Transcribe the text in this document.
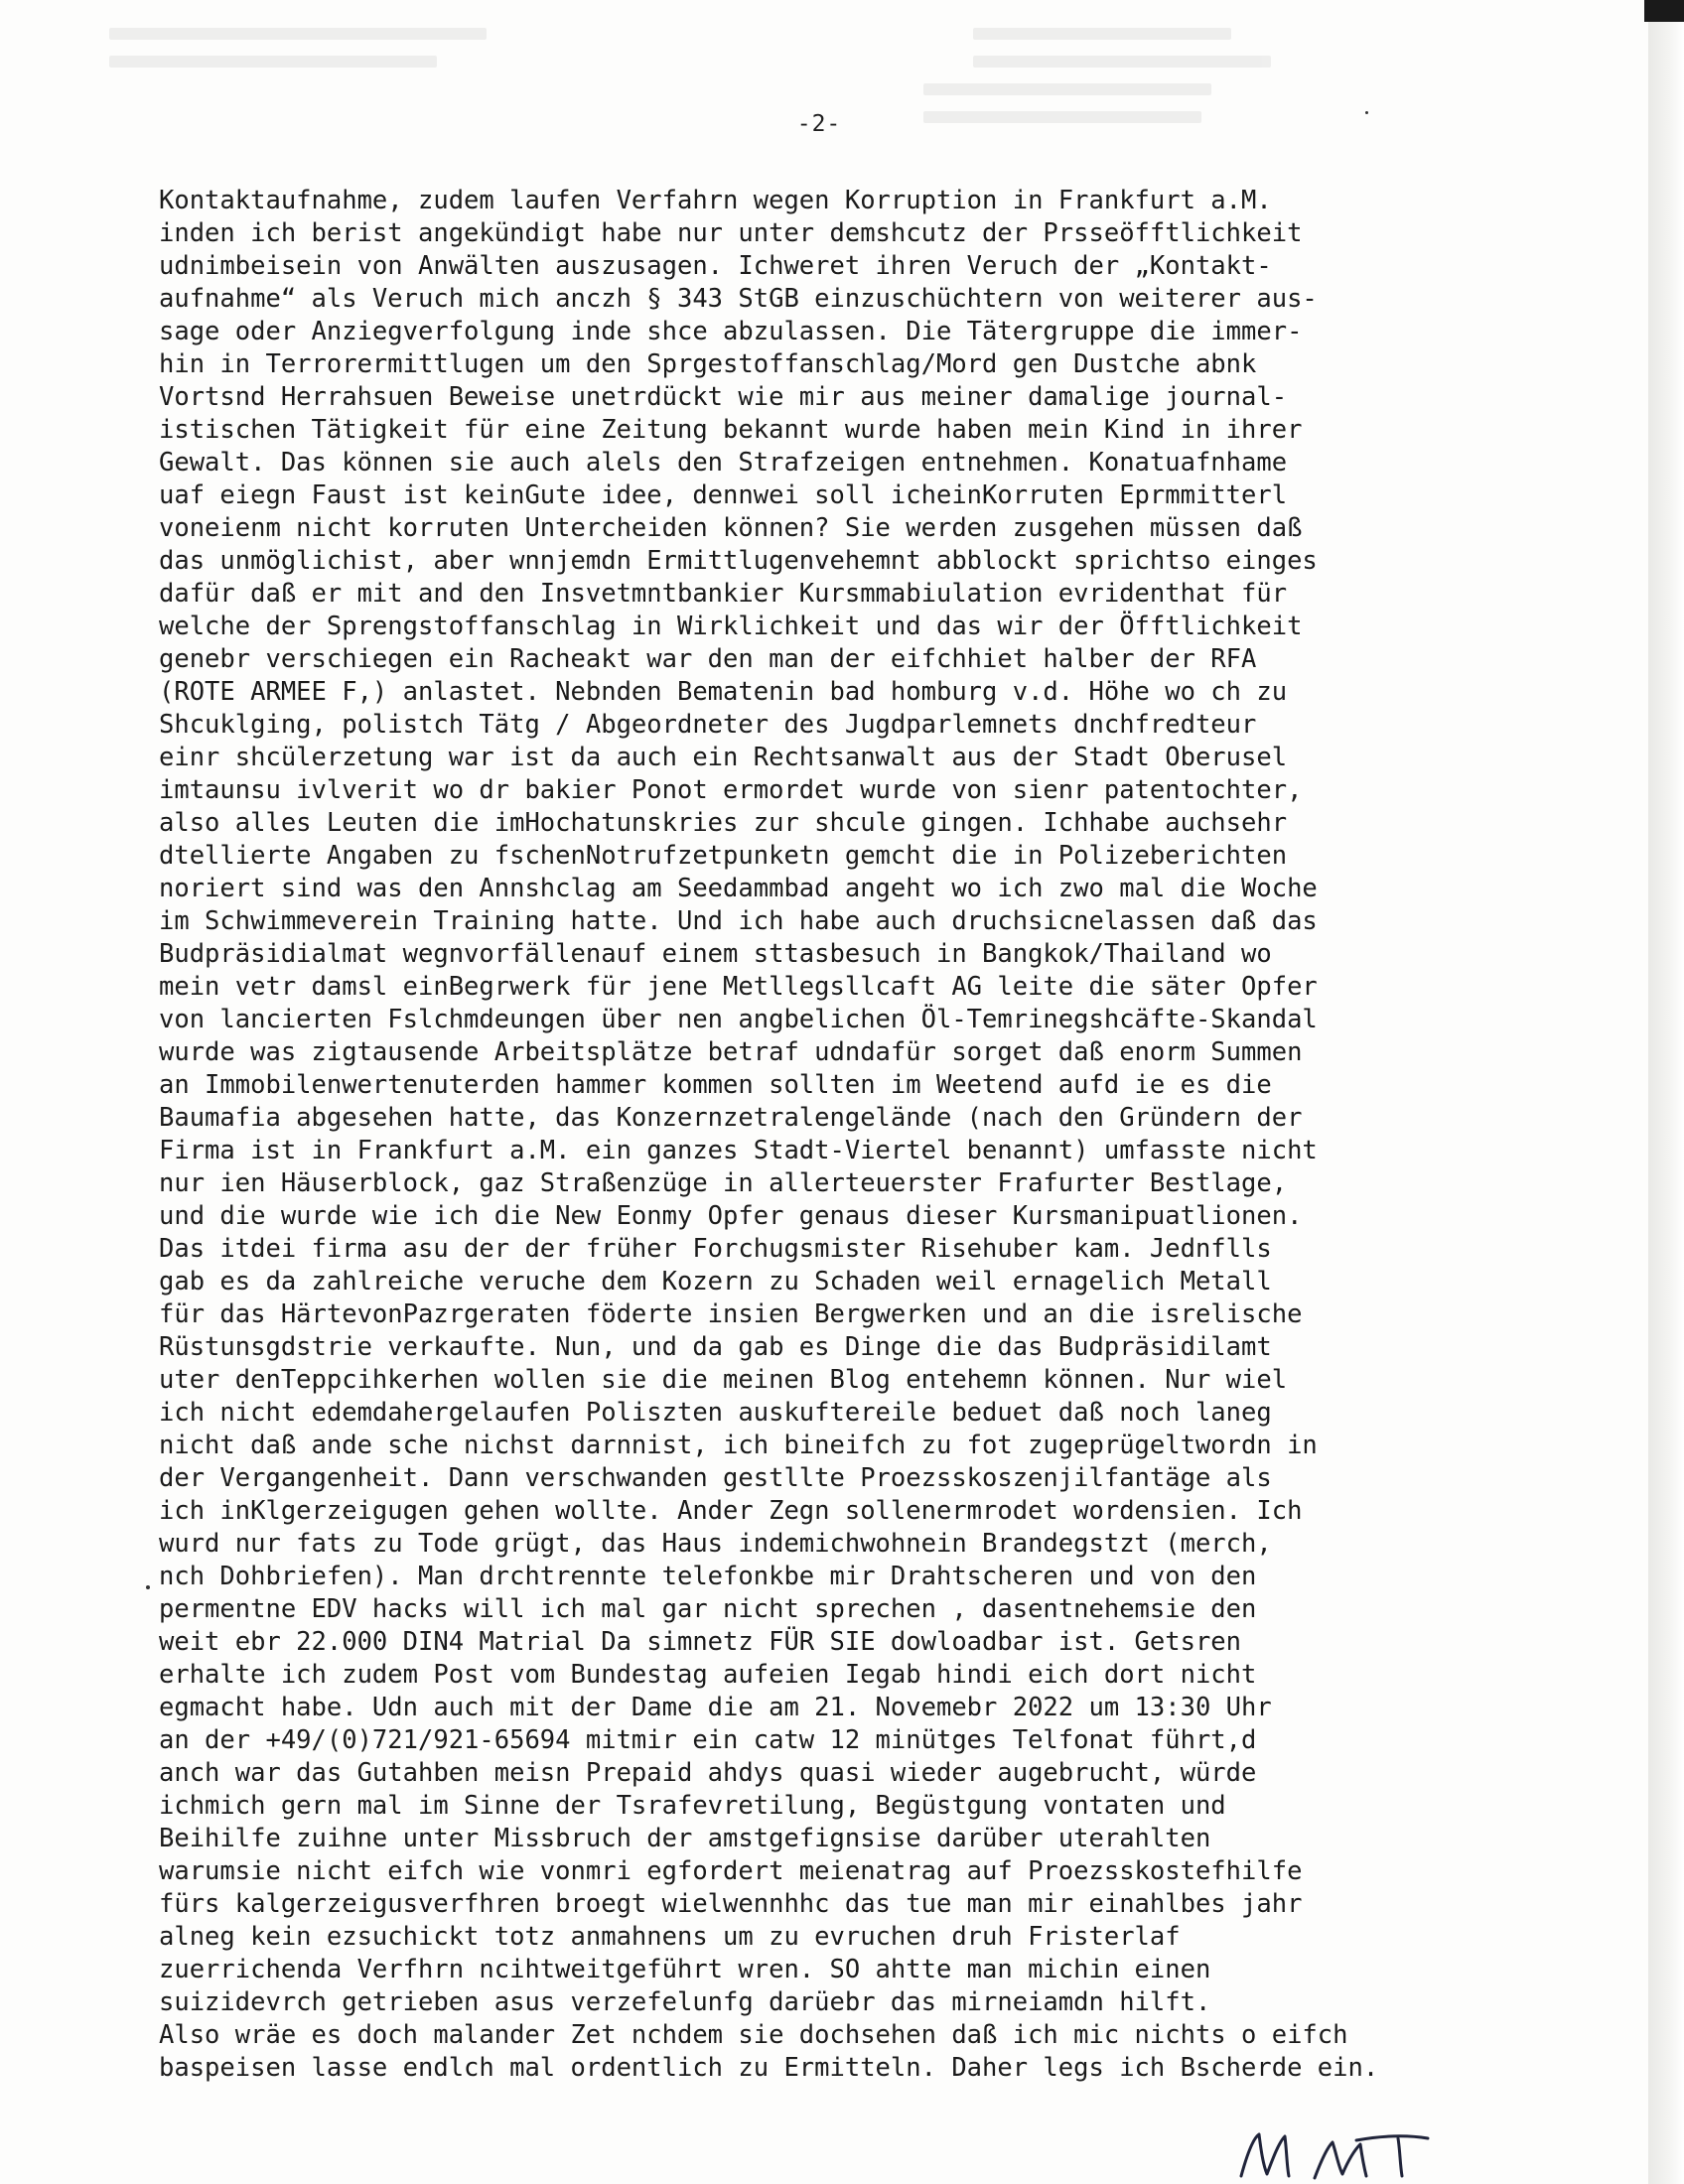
-2-
Kontaktaufnahme, zudem laufen Verfahrn wegen Korruption in Frankfurt a.M.
inden ich berist angekündigt habe nur unter demshcutz der Prsseöfftlichkeit
udnimbeisein von Anwälten auszusagen. Ichweret ihren Veruch der „Kontakt-
aufnahme“ als Veruch mich anczh § 343 StGB einzuschüchtern von weiterer aus-
sage oder Anziegverfolgung inde shce abzulassen. Die Tätergruppe die immer-
hin in Terrorermittlugen um den Sprgestoffanschlag/Mord gen Dustche abnk
Vortsnd Herrahsuen Beweise unetrdückt wie mir aus meiner damalige journal-
istischen Tätigkeit für eine Zeitung bekannt wurde haben mein Kind in ihrer
Gewalt. Das können sie auch alels den Strafzeigen entnehmen. Konatuafnhame
uaf eiegn Faust ist keinGute idee, dennwei soll icheinKorruten Eprmmitterl
voneienm nicht korruten Untercheiden können? Sie werden zusgehen müssen daß
das unmöglichist, aber wnnjemdn Ermittlugenvehemnt abblockt sprichtso einges
dafür daß er mit and den Insvetmntbankier Kursmmabiulation evridenthat für
welche der Sprengstoffanschlag in Wirklichkeit und das wir der Öfftlichkeit
genebr verschiegen ein Racheakt war den man der eifchhiet halber der RFA
(ROTE ARMEE F,) anlastet. Nebnden Bematenin bad homburg v.d. Höhe wo ch zu
Shcuklging, polistch Tätg / Abgeordneter des Jugdparlemnets dnchfredteur
einr shcülerzetung war ist da auch ein Rechtsanwalt aus der Stadt Oberusel
imtaunsu ivlverit wo dr bakier Ponot ermordet wurde von sienr patentochter,
also alles Leuten die imHochatunskries zur shcule gingen. Ichhabe auchsehr
dtellierte Angaben zu fschenNotrufzetpunketn gemcht die in Polizeberichten
noriert sind was den Annshclag am Seedammbad angeht wo ich zwo mal die Woche
im Schwimmeverein Training hatte. Und ich habe auch druchsicnelassen daß das
Budpräsidialmat wegnvorfällenauf einem sttasbesuch in Bangkok/Thailand wo
mein vetr damsl einBegrwerk für jene Metllegsllcaft AG leite die säter Opfer
von lancierten Fslchmdeungen über nen angbelichen Öl-Temrinegshcäfte-Skandal
wurde was zigtausende Arbeitsplätze betraf udndafür sorget daß enorm Summen
an Immobilenwertenuterden hammer kommen sollten im Weetend aufd ie es die
Baumafia abgesehen hatte, das Konzernzetralengelände (nach den Gründern der
Firma ist in Frankfurt a.M. ein ganzes Stadt-Viertel benannt) umfasste nicht
nur ien Häuserblock, gaz Straßenzüge in allerteuerster Frafurter Bestlage,
und die wurde wie ich die New Eonmy Opfer genaus dieser Kursmanipuatlionen.
Das itdei firma asu der der früher Forchugsmister Risehuber kam. Jednflls
gab es da zahlreiche veruche dem Kozern zu Schaden weil ernagelich Metall
für das HärtevonPazrgeraten föderte insien Bergwerken und an die isrelische
Rüstunsgdstrie verkaufte. Nun, und da gab es Dinge die das Budpräsidilamt
uter denTeppcihkerhen wollen sie die meinen Blog entehemn können. Nur wiel
ich nicht edemdahergelaufen Poliszten auskuftereile beduet daß noch laneg
nicht daß ande sche nichst darnnist, ich bineifch zu fot zugeprügeltwordn in
der Vergangenheit. Dann verschwanden gestllte Proezsskoszenjilfantäge als
ich inKlgerzeigugen gehen wollte. Ander Zegn sollenermrodet wordensien. Ich
wurd nur fats zu Tode grügt, das Haus indemichwohnein Brandegstzt (merch,
nch Dohbriefen). Man drchtrennte telefonkbe mir Drahtscheren und von den
permentne EDV hacks will ich mal gar nicht sprechen , dasentnehemsie den
weit ebr 22.000 DIN4 Matrial Da simnetz FÜR SIE dowloadbar ist. Getsren
erhalte ich zudem Post vom Bundestag aufeien Iegab hindi eich dort nicht
egmacht habe. Udn auch mit der Dame die am 21. Novemebr 2022 um 13:30 Uhr
an der +49/(0)721/921-65694 mitmir ein catw 12 minütges Telfonat führt,d
anch war das Gutahben meisn Prepaid ahdys quasi wieder augebrucht, würde
ichmich gern mal im Sinne der Tsrafevretilung, Begüstgung vontaten und
Beihilfe zuihne unter Missbruch der amstgefignsise darüber uterahlten
warumsie nicht eifch wie vonmri egfordert meienatrag auf Proezsskostefhilfe
fürs kalgerzeigusverfhren broegt wielwennhhc das tue man mir einahlbes jahr
alneg kein ezsuchickt totz anmahnens um zu evruchen druh Fristerlaf
zuerrichenda Verfhrn ncihtweitgeführt wren. SO ahtte man michin einen
suizidevrch getrieben asus verzefelunfg darüebr das mirneiamdn hilft.
Also wräe es doch malander Zet nchdem sie dochsehen daß ich mic nichts o eifch
baspeisen lasse endlch mal ordentlich zu Ermitteln. Daher legs ich Bscherde ein.
